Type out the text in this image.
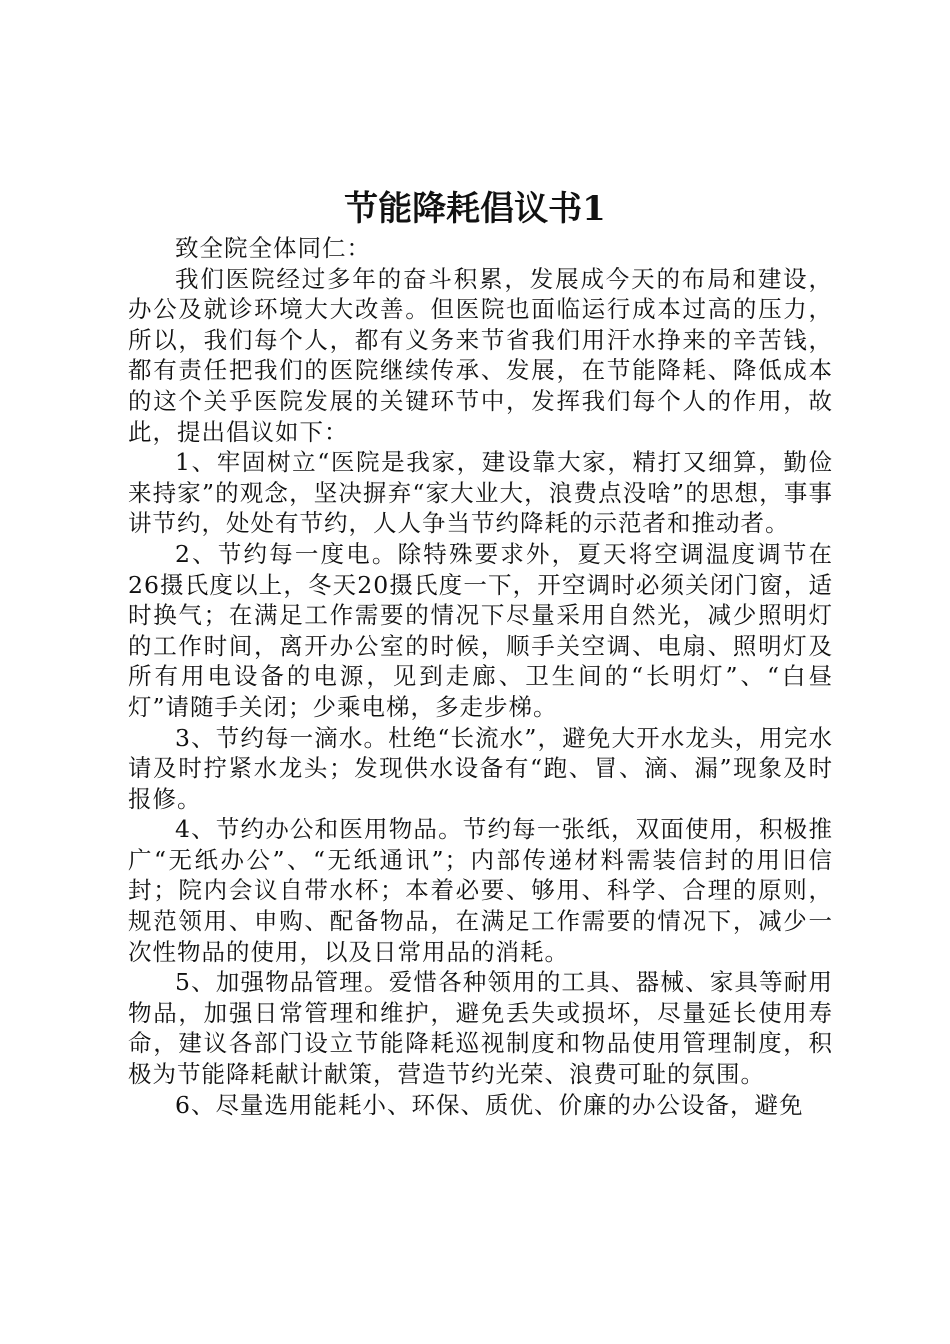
节能降耗倡议书1

致全院全体同仁：

我们医院经过多年的奋斗积累，发展成今天的布局和建设，办公及就诊环境大大改善。但医院也面临运行成本过高的压力，所以，我们每个人，都有义务来节省我们用汗水挣来的辛苦钱，都有责任把我们的医院继续传承、发展，在节能降耗、降低成本的这个关乎医院发展的关键环节中，发挥我们每个人的作用，故此，提出倡议如下：

1、牢固树立“医院是我家，建设靠大家，精打又细算，勤俭来持家”的观念，坚决摒弃“家大业大，浪费点没啥”的思想，事事讲节约，处处有节约，人人争当节约降耗的示范者和推动者。

2、节约每一度电。除特殊要求外，夏天将空调温度调节在26摄氏度以上，冬天20摄氏度一下，开空调时必须关闭门窗，适时换气；在满足工作需要的情况下尽量采用自然光，减少照明灯的工作时间，离开办公室的时候，顺手关空调、电扇、照明灯及所有用电设备的电源，见到走廊、卫生间的“长明灯”、“白昼灯”请随手关闭；少乘电梯，多走步梯。

3、节约每一滴水。杜绝“长流水”，避免大开水龙头，用完水请及时拧紧水龙头；发现供水设备有“跑、冒、滴、漏”现象及时报修。

4、节约办公和医用物品。节约每一张纸，双面使用，积极推广“无纸办公”、“无纸通讯”；内部传递材料需装信封的用旧信封；院内会议自带水杯；本着必要、够用、科学、合理的原则，规范领用、申购、配备物品，在满足工作需要的情况下，减少一次性物品的使用，以及日常用品的消耗。

5、加强物品管理。爱惜各种领用的工具、器械、家具等耐用物品，加强日常管理和维护，避免丢失或损坏，尽量延长使用寿命，建议各部门设立节能降耗巡视制度和物品使用管理制度，积极为节能降耗献计献策，营造节约光荣、浪费可耻的氛围。

6、尽量选用能耗小、环保、质优、价廉的办公设备，避免
